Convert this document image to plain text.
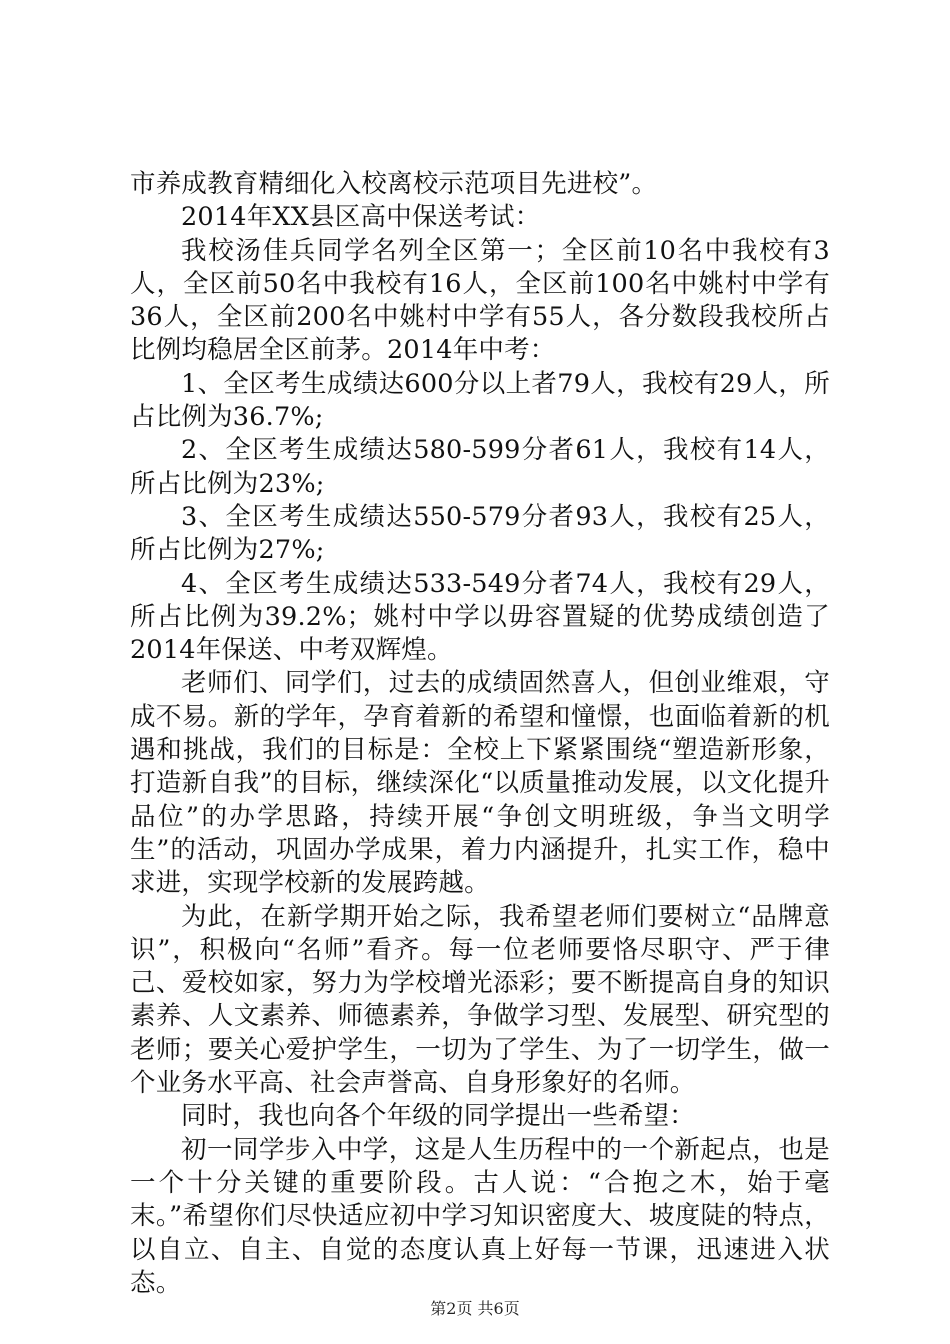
市养成教育精细化入校离校示范项目先进校”。

2014年XX县区高中保送考试：

我校汤佳兵同学名列全区第一；全区前10名中我校有3人，全区前50名中我校有16人，全区前100名中姚村中学有36人，全区前200名中姚村中学有55人，各分数段我校所占比例均稳居全区前茅。2014年中考：

1、全区考生成绩达600分以上者79人，我校有29人，所占比例为36.7%;

2、全区考生成绩达580-599分者61人，我校有14人，所占比例为23%;

3、全区考生成绩达550-579分者93人，我校有25人，所占比例为27%;

4、全区考生成绩达533-549分者74人，我校有29人，所占比例为39.2%；姚村中学以毋容置疑的优势成绩创造了2014年保送、中考双辉煌。

老师们、同学们，过去的成绩固然喜人，但创业维艰，守成不易。新的学年，孕育着新的希望和憧憬，也面临着新的机遇和挑战，我们的目标是：全校上下紧紧围绕“塑造新形象，打造新自我”的目标，继续深化“以质量推动发展，以文化提升品位”的办学思路，持续开展“争创文明班级，争当文明学生”的活动，巩固办学成果，着力内涵提升，扎实工作，稳中求进，实现学校新的发展跨越。

为此，在新学期开始之际，我希望老师们要树立“品牌意识”，积极向“名师”看齐。每一位老师要恪尽职守、严于律己、爱校如家，努力为学校增光添彩；要不断提高自身的知识素养、人文素养、师德素养，争做学习型、发展型、研究型的老师；要关心爱护学生，一切为了学生、为了一切学生，做一个业务水平高、社会声誉高、自身形象好的名师。

同时，我也向各个年级的同学提出一些希望：

初一同学步入中学，这是人生历程中的一个新起点，也是一个十分关键的重要阶段。古人说：“合抱之木，始于毫末。”希望你们尽快适应初中学习知识密度大、坡度陡的特点，以自立、自主、自觉的态度认真上好每一节课，迅速进入状态。

第2页 共6页
